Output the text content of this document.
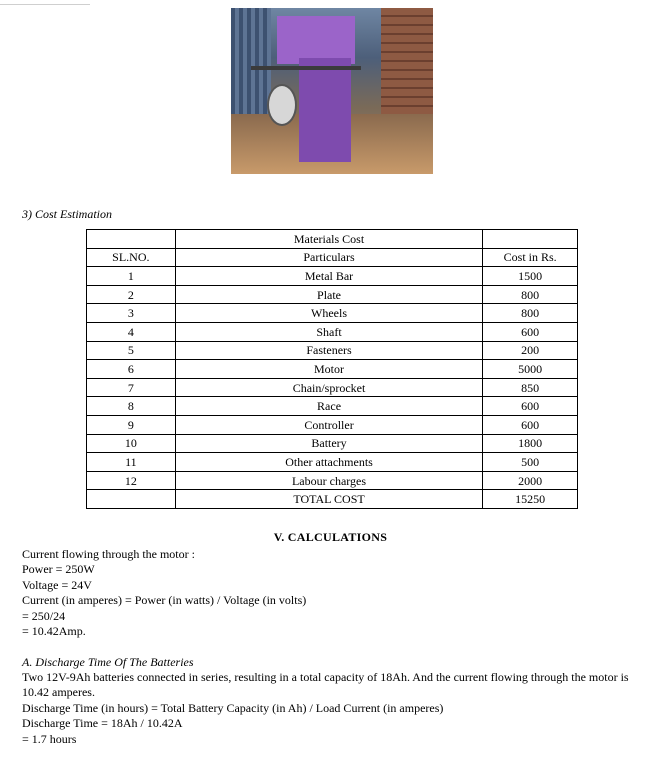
3) Cost Estimation
	Materials Cost	
SL.NO.	Particulars	Cost in Rs.
1	Metal Bar	1500
2	Plate	800
3	Wheels	800
4	Shaft	600
5	Fasteners	200
6	Motor	5000
7	Chain/sprocket	850
8	Race	600
9	Controller	600
10	Battery	1800
11	Other attachments	500
12	Labour charges	2000
	TOTAL COST	15250
V. CALCULATIONS
Current flowing through the motor :
Power = 250W
Voltage = 24V
Current (in amperes) = Power (in watts) / Voltage (in volts)
= 250/24
= 10.42Amp.
A. Discharge Time Of The Batteries
Two 12V-9Ah batteries connected in series, resulting in a total capacity of 18Ah. And the current flowing through the motor is 10.42 amperes.
Discharge Time (in hours) = Total Battery Capacity (in Ah) / Load Current (in amperes)
Discharge Time = 18Ah / 10.42A
= 1.7 hours
